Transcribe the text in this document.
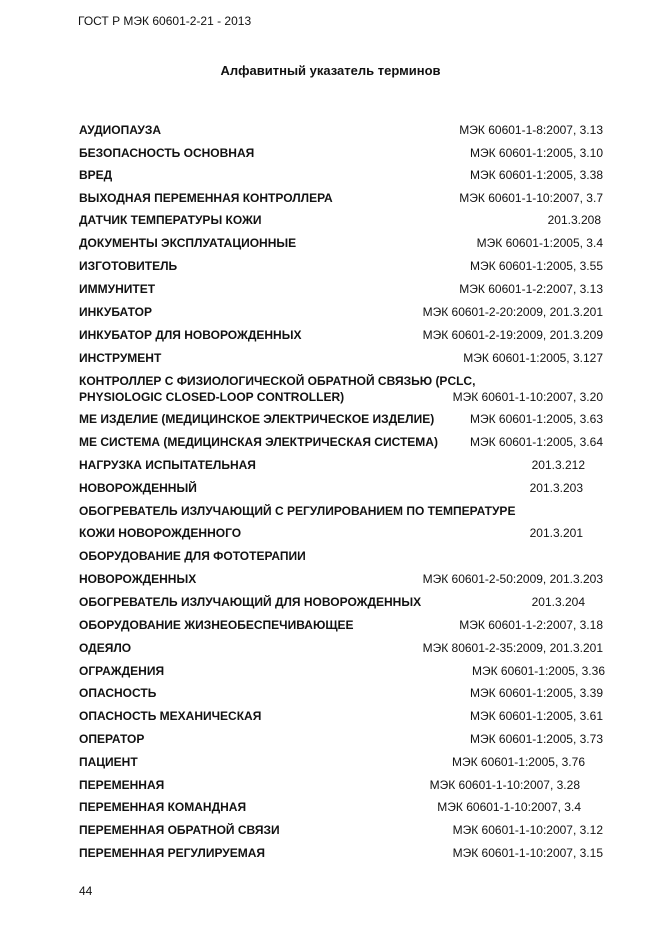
ГОСТ Р МЭК 60601-2-21 - 2013
Алфавитный указатель терминов
АУДИОПАУЗА	МЭК 60601-1-8:2007, 3.13
БЕЗОПАСНОСТЬ ОСНОВНАЯ	МЭК 60601-1:2005, 3.10
ВРЕД	МЭК 60601-1:2005, 3.38
ВЫХОДНАЯ ПЕРЕМЕННАЯ КОНТРОЛЛЕРА	МЭК 60601-1-10:2007, 3.7
ДАТЧИК ТЕМПЕРАТУРЫ КОЖИ	201.3.208
ДОКУМЕНТЫ ЭКСПЛУАТАЦИОННЫЕ	МЭК 60601-1:2005, 3.4
ИЗГОТОВИТЕЛЬ	МЭК 60601-1:2005, 3.55
ИММУНИТЕТ	МЭК 60601-1-2:2007, 3.13
ИНКУБАТОР	МЭК 60601-2-20:2009, 201.3.201
ИНКУБАТОР ДЛЯ НОВОРОЖДЕННЫХ	МЭК 60601-2-19:2009, 201.3.209
ИНСТРУМЕНТ	МЭК 60601-1:2005, 3.127
КОНТРОЛЛЕР С ФИЗИОЛОГИЧЕСКОЙ ОБРАТНОЙ СВЯЗЬЮ (PCLC,
PHYSIOLOGIC CLOSED-LOOP CONTROLLER)	МЭК 60601-1-10:2007, 3.20
МЕ ИЗДЕЛИЕ (МЕДИЦИНСКОЕ ЭЛЕКТРИЧЕСКОЕ ИЗДЕЛИЕ)	МЭК 60601-1:2005, 3.63
МЕ СИСТЕМА (МЕДИЦИНСКАЯ ЭЛЕКТРИЧЕСКАЯ СИСТЕМА)	МЭК 60601-1:2005, 3.64
НАГРУЗКА ИСПЫТАТЕЛЬНАЯ	201.3.212
НОВОРОЖДЕННЫЙ	201.3.203
ОБОГРЕВАТЕЛЬ ИЗЛУЧАЮЩИЙ С РЕГУЛИРОВАНИЕМ ПО ТЕМПЕРАТУРЕ
КОЖИ НОВОРОЖДЕННОГО	201.3.201
ОБОРУДОВАНИЕ ДЛЯ ФОТОТЕРАПИИ
НОВОРОЖДЕННЫХ	МЭК 60601-2-50:2009, 201.3.203
ОБОГРЕВАТЕЛЬ ИЗЛУЧАЮЩИЙ ДЛЯ НОВОРОЖДЕННЫХ	201.3.204
ОБОРУДОВАНИЕ ЖИЗНЕОБЕСПЕЧИВАЮЩЕЕ	МЭК 60601-1-2:2007, 3.18
ОДЕЯЛО	МЭК 80601-2-35:2009, 201.3.201
ОГРАЖДЕНИЯ	МЭК 60601-1:2005, 3.36
ОПАСНОСТЬ	МЭК 60601-1:2005, 3.39
ОПАСНОСТЬ МЕХАНИЧЕСКАЯ	МЭК 60601-1:2005, 3.61
ОПЕРАТОР	МЭК 60601-1:2005, 3.73
ПАЦИЕНТ	МЭК 60601-1:2005, 3.76
ПЕРЕМЕННАЯ	МЭК 60601-1-10:2007, 3.28
ПЕРЕМЕННАЯ КОМАНДНАЯ	МЭК 60601-1-10:2007, 3.4
ПЕРЕМЕННАЯ ОБРАТНОЙ СВЯЗИ	МЭК 60601-1-10:2007, 3.12
ПЕРЕМЕННАЯ РЕГУЛИРУЕМАЯ	МЭК 60601-1-10:2007, 3.15
44
